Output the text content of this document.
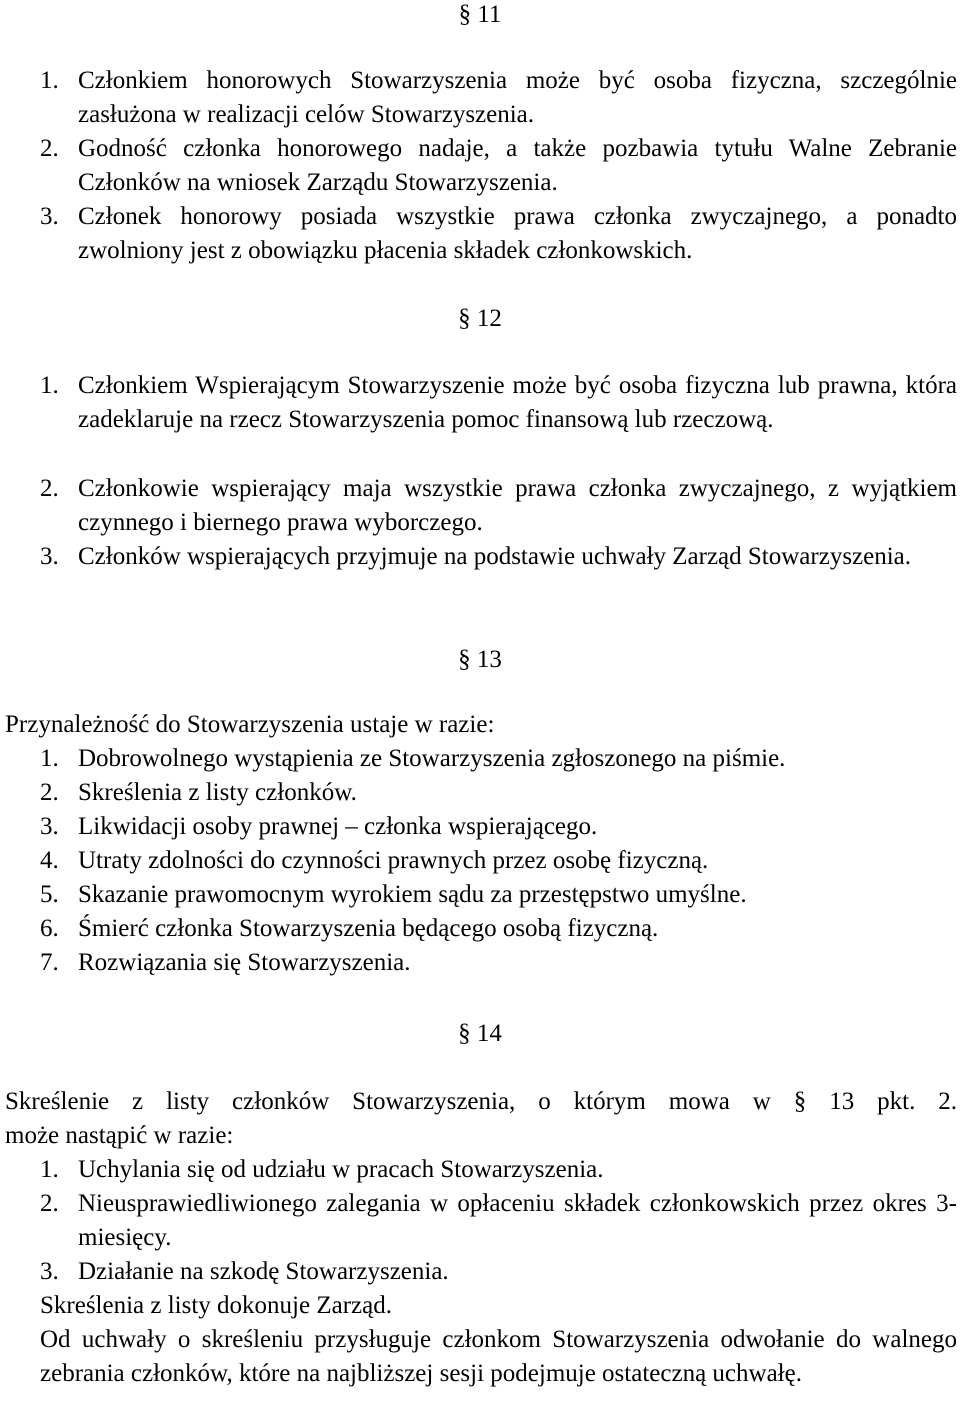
§ 11
1. Członkiem honorowych Stowarzyszenia może być osoba fizyczna, szczególnie zasłużona w realizacji celów Stowarzyszenia.
2. Godność członka honorowego nadaje, a także pozbawia tytułu Walne Zebranie Członków na wniosek Zarządu Stowarzyszenia.
3. Członek honorowy posiada wszystkie prawa członka zwyczajnego, a ponadto zwolniony jest z obowiązku płacenia składek członkowskich.
§ 12
1. Członkiem Wspierającym Stowarzyszenie może być osoba fizyczna lub prawna, która zadeklaruje na rzecz Stowarzyszenia pomoc finansową lub rzeczową.
2. Członkowie wspierający maja wszystkie prawa członka zwyczajnego, z wyjątkiem czynnego i biernego prawa wyborczego.
3. Członków wspierających przyjmuje na podstawie uchwały Zarząd Stowarzyszenia.
§ 13
Przynależność do Stowarzyszenia ustaje w razie:
1. Dobrowolnego wystąpienia ze Stowarzyszenia zgłoszonego na piśmie.
2. Skreślenia z listy członków.
3. Likwidacji osoby prawnej – członka wspierającego.
4. Utraty zdolności do czynności prawnych przez osobę fizyczną.
5. Skazanie prawomocnym wyrokiem sądu za przestępstwo umyślne.
6. Śmierć członka Stowarzyszenia będącego osobą fizyczną.
7. Rozwiązania się Stowarzyszenia.
§ 14
Skreślenie z listy członków Stowarzyszenia, o którym mowa w § 13 pkt. 2.
może nastąpić w razie:
1. Uchylania się od udziału w pracach Stowarzyszenia.
2. Nieusprawiedliwionego zalegania w opłaceniu składek członkowskich przez okres 3-miesięcy.
3. Działanie na szkodę Stowarzyszenia.
Skreślenia z listy dokonuje Zarząd.
Od uchwały o skreśleniu przysługuje członkom Stowarzyszenia odwołanie do walnego zebrania członków, które na najbliższej sesji podejmuje ostateczną uchwałę.
